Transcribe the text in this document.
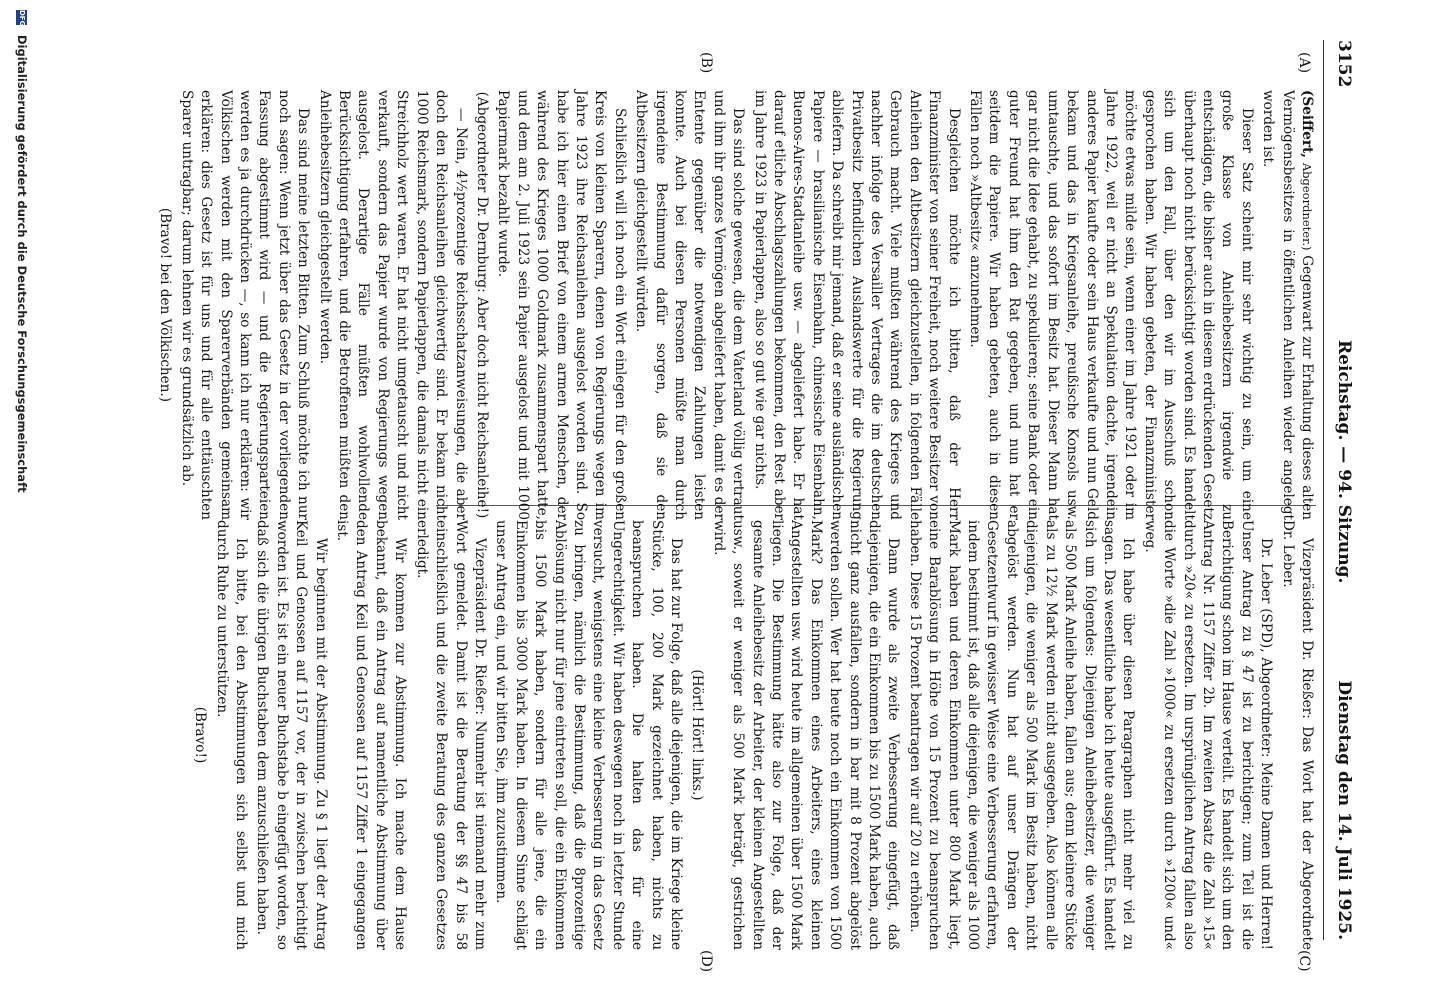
3152
Reichstag. — 94. Sitzung.
Dienstag den 14. Juli 1925.
(A)
(B)
(C)
(D)

(Seiffert, Abgeordneter.) Gegenwart zur Erhaltung dieses alten Vermögensbesitzes in öffentlichen Anleihen wieder angelegt worden ist.

Dieser Satz scheint mir sehr wichtig zu sein, um eine große Klasse von Anleihebesitzern irgendwie zu entschädigen, die bisher auch in diesem erdrückenden Gesetz überhaupt noch nicht berücksichtigt worden sind. Es handelt sich um den Fall, über den wir im Ausschuß schon gesprochen haben. Wir haben gebeten, der Finanzminister möchte etwas milde sein, wenn einer im Jahre 1921 oder im Jahre 1922, weil er nicht an Spekulation dachte, irgendein anderes Papier kaufte oder sein Haus verkaufte und nun Geld bekam und das in Kriegsanleihe, preußische Konsols usw. umtauschte, und das sofort im Besitz hat. Dieser Mann hat gar nicht die Idee gehabt, zu spekulieren; seine Bank oder ein guter Freund hat ihm den Rat gegeben, und nun hat er seitdem die Papiere. Wir haben gebeten, auch in diesen Fällen noch »Altbesitz« anzunehmen.

Desgleichen möchte ich bitten, daß der Herr Finanzminister von seiner Freiheit, noch weitere Besitzer von Anleihen den Altbesitzern gleichzustellen, in folgenden Fälle Gebrauch macht. Viele mußten während des Krieges und nachher infolge des Versailler Vertrages die im deutschen Privatbesitz befindlichen Auslandswerte für die Regierung abliefern. Da schreibt mir jemand, daß er seine ausländischen Papiere — brasilianische Eisenbahn, chinesische Eisenbahn, Buenos-Aires-Stadtanleihe usw. — abgeliefert habe. Er hat darauf etliche Abschlagszahlungen bekommen, den Rest aber im Jahre 1923 in Papierlappen, also so gut wie gar nichts.

Das sind solche gewesen, die dem Vaterland völlig vertraut und ihm ihr ganzes Vermögen abgeliefert haben, damit es der Entente gegenüber die notwendigen Zahlungen leisten konnte. Auch bei diesen Personen müßte man durch irgendeine Bestimmung dafür sorgen, daß sie den Altbesitzern gleichgestellt würden.

Schließlich will ich noch ein Wort einlegen für den großen Kreis von kleinen Sparern, denen von Regierungs wegen im Jahre 1923 ihre Reichsanleihen ausgelost worden sind. So habe ich hier einen Brief von einem armen Menschen, der während des Krieges 1000 Goldmark zusammenspart hatte, und dem am 2. Juli 1923 sein Papier ausgelost und mit 1000 Papiermark bezahlt wurde.

(Abgeordneter Dr. Dernburg: Aber doch nicht Reichsanleihe!)

— Nein, 4½prozentige Reichsschatzanweisungen, die aber doch den Reichsanleihen gleichwertig sind. Er bekam nicht 1000 Reichsmark, sondern Papierlappen, die damals nicht ein Streichholz wert waren. Er hat nicht umgetauscht und nicht verkauft, sondern das Papier wurde von Regierungs wegen ausgelost. Derartige Fälle müßten wohlwollende Berücksichtigung erfahren, und die Betroffenen müßten den Anleihebesitzern gleichgestellt werden.

Das sind meine letzten Bitten. Zum Schluß möchte ich nur noch sagen: Wenn jetzt über das Gesetz in der vorliegenden Fassung abgestimmt wird — und die Regierungsparteien werden es ja durchdrücken —, so kann ich nur erklären: wir Völkischen werden mit den Sparerverbänden gemeinsam erklären: dies Gesetz ist für uns und für alle enttäuschten Sparer untragbar; darum lehnen wir es grundsätzlich ab.

(Bravo! bei den Völkischen.)

Vizepräsident Dr. Rießer: Das Wort hat der Abgeordnete Dr. Leber.

Dr. Leber (SPD), Abgeordneter: Meine Damen und Herren! Unser Antrag zu § 47 ist zu berichtigen; zum Teil ist die Berichtigung schon im Hause verteilt. Es handelt sich um den Antrag Nr. 1157 Ziffer 2b. Im zweiten Absatz die Zahl »15« durch »20« zu ersetzen. Im ursprünglichen Antrag fallen also die Worte »die Zahl »1000« zu ersetzen durch »1200« und« weg.

Ich habe über diesen Paragraphen nicht mehr viel zu sagen. Das wesentliche habe ich heute ausgeführt. Es handelt sich um folgendes: Diejenigen Anleihebesitzer, die weniger als 500 Mark Anleihe haben, fallen aus; denn kleinere Stücke als zu 12½ Mark werden nicht ausgegeben. Also können alle diejenigen, die weniger als 500 Mark im Besitz haben, nicht abgelöst werden. Nun hat auf unser Drängen der Gesetzentwurf in gewisser Weise eine Verbesserung erfahren, indem bestimmt ist, daß alle diejenigen, die weniger als 1000 Mark haben und deren Einkommen unter 800 Mark liegt, eine Barablösung in Höhe von 15 Prozent zu beanspruchen haben. Diese 15 Prozent beantragen wir auf 20 zu erhöhen.

Dann wurde als zweite Verbesserung eingefügt, daß diejenigen, die ein Einkommen bis zu 1500 Mark haben, auch nicht ganz ausfallen, sondern in bar mit 8 Prozent abgelöst werden sollen. Wer hat heute noch ein Einkommen von 1500 Mark? Das Einkommen eines Arbeiters, eines kleinen Angestellten usw. wird heute im allgemeinen über 1500 Mark liegen. Die Bestimmung hätte also zur Folge, daß der gesamte Anleihebesitz der Arbeiter, der kleinen Angestellten usw., soweit er weniger als 500 Mark beträgt, gestrichen wird.

(Hört! Hört! links.)

Das hat zur Folge, daß alle diejenigen, die im Kriege kleine Stücke, 100, 200 Mark gezeichnet haben, nichts zu beanspruchen haben. Die halten das für eine Ungerechtigkeit. Wir haben deswegen noch in letzter Stunde versucht, wenigstens eine kleine Verbesserung in das Gesetz zu bringen, nämlich die Bestimmung, daß die 8prozentige Ablösung nicht nur für jene eintreten soll, die ein Einkommen bis 1500 Mark haben, sondern für alle jene, die ein Einkommen bis 3000 Mark haben. In diesem Sinne schlägt unser Antrag ein, und wir bitten Sie, ihm zuzustimmen.

Vizepräsident Dr. Rießer: Nunmehr ist niemand mehr zum Wort gemeldet. Damit ist die Beratung der §§ 47 bis 58 einschließlich und die zweite Beratung des ganzen Gesetzes erledigt.

Wir kommen zur Abstimmung. Ich mache dem Hause bekannt, daß ein Antrag auf namentliche Abstimmung über den Antrag Keil und Genossen auf 1157 Ziffer 1 eingegangen ist.

Wir beginnen mit der Abstimmung. Zu § 1 liegt der Antrag Keil und Genossen auf 1157 vor, der in zwischen berichtigt worden ist. Es ist ein neuer Buchstabe b eingefügt worden, so daß sich die übrigen Buchstaben dem anzuschließen haben.

Ich bitte, bei den Abstimmungen sich selbst und mich durch Ruhe zu unterstützen.

(Bravo!)

DFG Digitalisierung gefördert durch die Deutsche Forschungsgemeinschaft
